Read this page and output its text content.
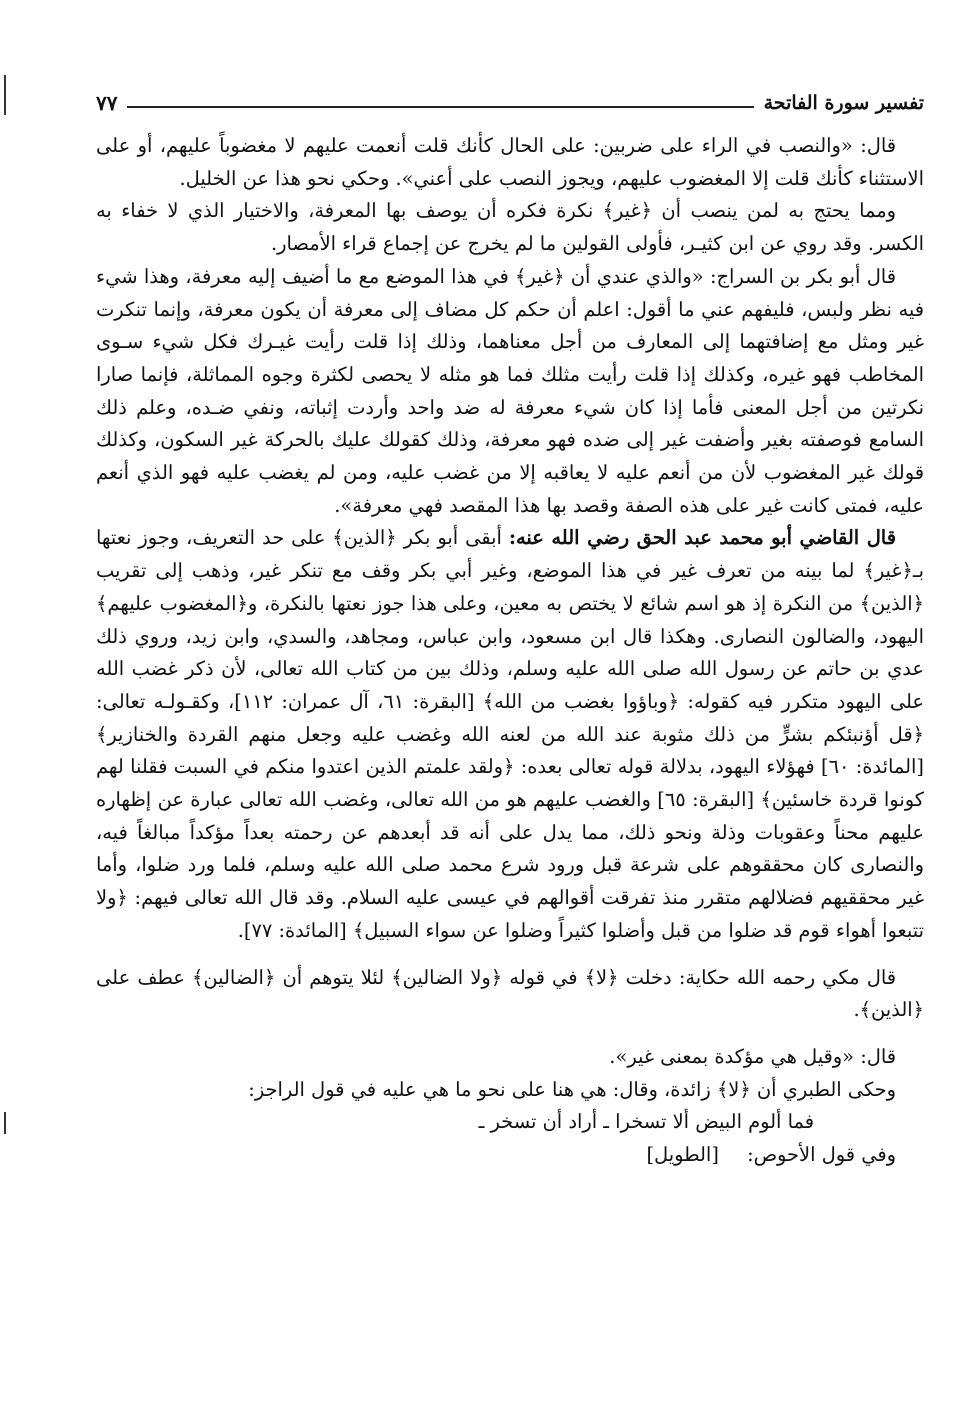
تفسير سورة الفاتحة
٧٧

قال: «والنصب في الراء على ضربين: على الحال كأنك قلت أنعمت عليهم لا مغضوباً عليهم، أو على الاستثناء كأنك قلت إلا المغضوب عليهم، ويجوز النصب على أعني». وحكي نحو هذا عن الخليل.

ومما يحتج به لمن ينصب أن ﴿غير﴾ نكرة فكره أن يوصف بها المعرفة، والاختيار الذي لا خفاء به الكسر. وقد روي عن ابن كثيـر، فأولى القولين ما لم يخرج عن إجماع قراء الأمصار.

قال أبو بكر بن السراج: «والذي عندي أن ﴿غير﴾ في هذا الموضع مع ما أضيف إليه معرفة، وهذا شيء فيه نظر ولبس، فليفهم عني ما أقول: اعلم أن حكم كل مضاف إلى معرفة أن يكون معرفة، وإنما تنكرت غير ومثل مع إضافتهما إلى المعارف من أجل معناهما، وذلك إذا قلت رأيت غيـرك فكل شيء سـوى المخاطب فهو غيره، وكذلك إذا قلت رأيت مثلك فما هو مثله لا يحصى لكثرة وجوه المماثلة، فإنما صارا نكرتين من أجل المعنى فأما إذا كان شيء معرفة له ضد واحد وأردت إثباته، ونفي ضـده، وعلم ذلك السامع فوصفته بغير وأضفت غير إلى ضده فهو معرفة، وذلك كقولك عليك بالحركة غير السكون، وكذلك قولك غير المغضوب لأن من أنعم عليه لا يعاقبه إلا من غضب عليه، ومن لم يغضب عليه فهو الذي أنعم عليه، فمتى كانت غير على هذه الصفة وقصد بها هذا المقصد فهي معرفة».

قال القاضي أبو محمد عبد الحق رضي الله عنه: أبقى أبو بكر ﴿الذين﴾ على حد التعريف، وجوز نعتها بـ﴿غير﴾ لما بينه من تعرف غير في هذا الموضع، وغير أبي بكر وقف مع تنكر غير، وذهب إلى تقريب ﴿الذين﴾ من النكرة إذ هو اسم شائع لا يختص به معين، وعلى هذا جوز نعتها بالنكرة، و﴿المغضوب عليهم﴾ اليهود، والضالون النصارى. وهكذا قال ابن مسعود، وابن عباس، ومجاهد، والسدي، وابن زيد، وروي ذلك عدي بن حاتم عن رسول الله صلى الله عليه وسلم، وذلك بين من كتاب الله تعالى، لأن ذكر غضب الله على اليهود متكرر فيه كقوله: ﴿وباؤوا بغضب من الله﴾ [البقرة: ٦١، آل عمران: ١١٢]، وكقـولـه تعالى: ﴿قل أؤنبئكم بشرٍّ من ذلك مثوبة عند الله من لعنه الله وغضب عليه وجعل منهم القردة والخنازير﴾ [المائدة: ٦٠] فهؤلاء اليهود، بدلالة قوله تعالى بعده: ﴿ولقد علمتم الذين اعتدوا منكم في السبت فقلنا لهم كونوا قردة خاسئين﴾ [البقرة: ٦٥] والغضب عليهم هو من الله تعالى، وغضب الله تعالى عبارة عن إظهاره عليهم محناً وعقوبات وذلة ونحو ذلك، مما يدل على أنه قد أبعدهم عن رحمته بعداً مؤكداً مبالغاً فيه، والنصارى كان محققوهم على شرعة قبل ورود شرع محمد صلى الله عليه وسلم، فلما ورد ضلوا، وأما غير محققيهم فضلالهم متقرر منذ تفرقت أقوالهم في عيسى عليه السلام. وقد قال الله تعالى فيهم: ﴿ولا تتبعوا أهواء قوم قد ضلوا من قبل وأضلوا كثيراً وضلوا عن سواء السبيل﴾ [المائدة: ٧٧].

قال مكي رحمه الله حكاية: دخلت ﴿لا﴾ في قوله ﴿ولا الضالين﴾ لئلا يتوهم أن ﴿الضالين﴾ عطف على ﴿الذين﴾.

قال: «وقيل هي مؤكدة بمعنى غير».

وحكى الطبري أن ﴿لا﴾ زائدة، وقال: هي هنا على نحو ما هي عليه في قول الراجز:

فما ألوم البيض ألا تسخرا ـ أراد أن تسخر ـ

وفي قول الأحوص: [الطويل]
